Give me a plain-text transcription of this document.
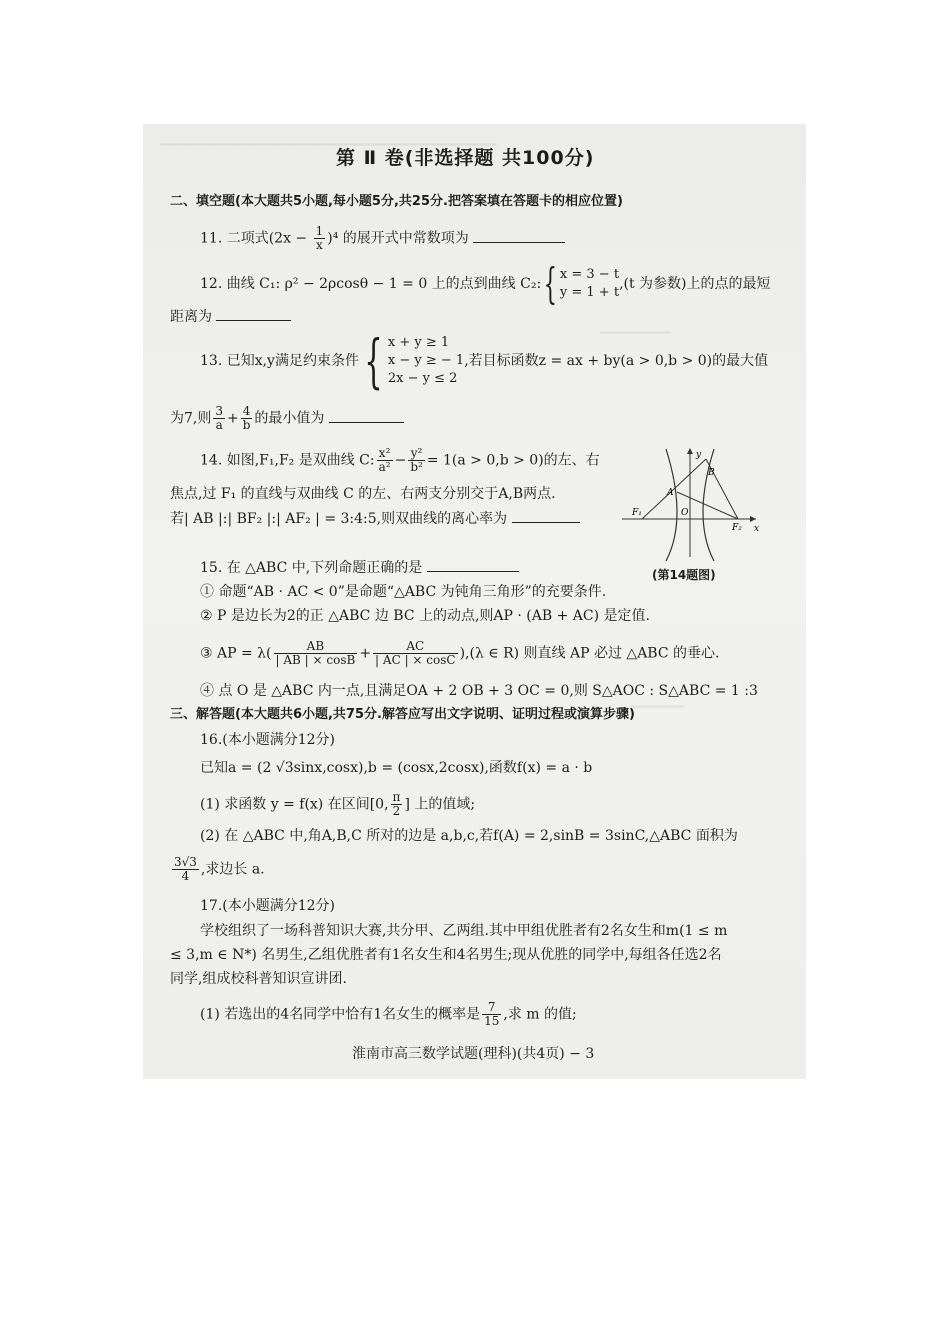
━━━━━━━━━━━━━━━━━━━━━━━━━━━━━━━━━━━━━━━━━━━
━━━━━━━━━
━━━━━━━
第 Ⅱ 卷(非选择题 共100分)
二、填空题(本大题共5小题,每小题5分,共25分.把答案填在答题卡的相应位置)
11. 二项式$(2x - \frac{1}{x} )^4$ 的展开式中常数项为
12. 曲线 C₁: ρ² − 2ρcosθ − 1 = 0 上的点到曲线 C₂:{ x = 3 − t
y = 1 + t
,(t 为参数)上的点的最短
距离为
13. 已知x,y满足约束条件{ x + y ≥ 1
x − y ≥ − 1
2x − y ≤ 2
,若目标函数z = ax + by(a > 0,b > 0)的最大值
为7,则 $\frac{3}{a} + \frac{4}{b}$ 的最小值为
14. 如图,F₁,F₂ 是双曲线 C: $\frac{\text{x²}}{\text{a²}} - \frac{\text{y²}}{\text{b²}} = 1(a > 0,b > 0)$的左、右
焦点,过 F₁ 的直线与双曲线 C 的左、右两支分别交于A,B两点.
若| AB |:| BF₂ |:| AF₂ | = 3:4:5,则双曲线的离心率为
y
B
A
F₁	O
F₂ x
(第14题图)
15. 在 △ABC 中,下列命题正确的是
① 命题“AB · AC < 0”是命题“△ABC 为钝角三角形”的充要条件.
② P 是边长为2的正 △ABC 边 BC 上的动点,则AP · (AB + AC) 是定值.
③ AP = $\lambda( \frac{AB}{| AB | \times \cos B} + \frac{AC}{| AC | \times \cos C} ),(\lambda$ ∈ R) 则直线 AP 必过 △ABC 的垂心.
④ 点 O 是 △ABC 内一点,且满足OA + 2 OB + 3 OC = 0,则 S△AOC : S△ABC = 1 :3
三、解答题(本大题共6小题,共75分.解答应写出文字说明、证明过程或演算步骤)
16.(本小题满分12分)
已知a = (2 √3sinx,cosx),b = (cosx,2cosx),函数f(x) = a · b
(1) 求函数 y = f(x) 在区间[0, $\frac{\pi}{2}$ ] 上的值域;
(2) 在 △ABC 中,角A,B,C 所对的边是 a,b,c,若f(A) = 2,sinB = 3sinC,△ABC 面积为
$\frac{3√3}{4}$ ,求边长 a.
17.(本小题满分12分)
学校组织了一场科普知识大赛,共分甲、乙两组.其中甲组优胜者有2名女生和m(1 ≤ m
≤ 3,m ∈ N*) 名男生,乙组优胜者有1名女生和4名男生;现从优胜的同学中,每组各任选2名
同学,组成校科普知识宣讲团.
(1) 若选出的4名同学中恰有1名女生的概率是 $\frac{7}{15}$ ,求 m 的值;
淮南市高三数学试题(理科)(共4页) − 3
